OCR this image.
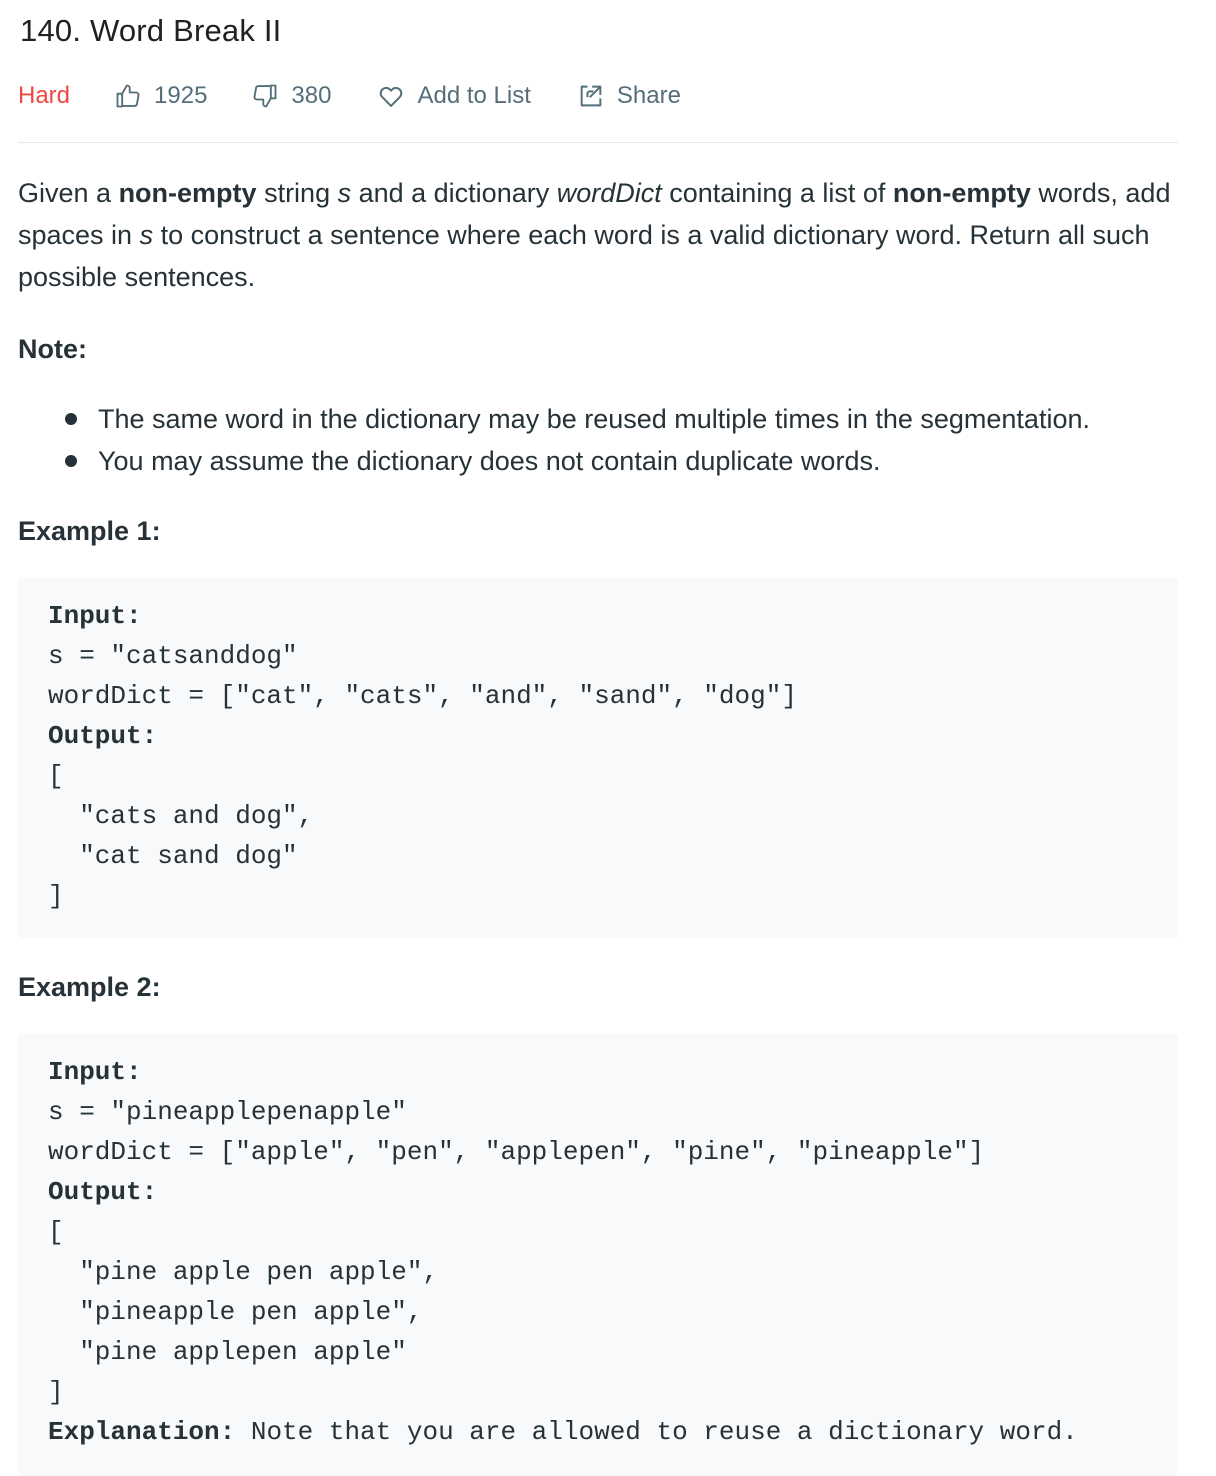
140. Word Break II
Hard	1925	380	Add to List	Share

Given a non-empty string s and a dictionary wordDict containing a list of non-empty words, add spaces in s to construct a sentence where each word is a valid dictionary word. Return all such possible sentences.

Note:
The same word in the dictionary may be reused multiple times in the segmentation.
You may assume the dictionary does not contain duplicate words.
Example 1:
Input:
s = "catsanddog"
wordDict = ["cat", "cats", "and", "sand", "dog"]
Output:
[
"cats and dog",
"cat sand dog"
]
Example 2:
Input:
s = "pineapplepenapple"
wordDict = ["apple", "pen", "applepen", "pine", "pineapple"]
Output:
[
"pine apple pen apple",
"pineapple pen apple",
"pine applepen apple"
]
Explanation: Note that you are allowed to reuse a dictionary word.
